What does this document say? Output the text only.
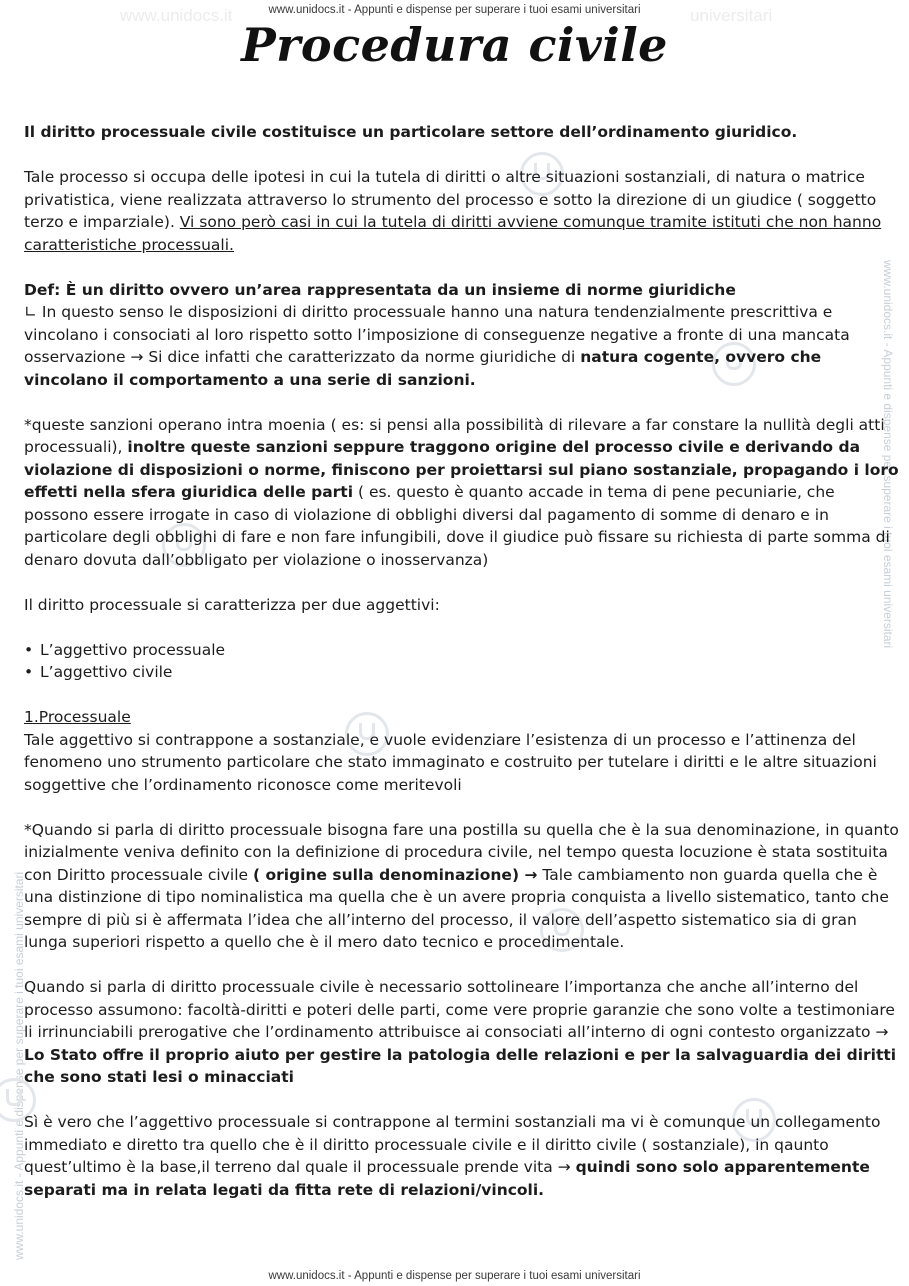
www.unidocs.it	universitari
www.unidocs.it - Appunti e dispense per superare i tuoi esami universitari
www.unidocs.it - Appunti e dispense per superare i tuoi esami universitari
www.unidocs.it - Appunti e dispense per superare i tuoi esami universitari
Procedura civile

Il diritto processuale civile costituisce un particolare settore dell’ordinamento giuridico.

Tale processo si occupa delle ipotesi in cui la tutela di diritti o altre situazioni sostanziali, di natura o matrice privatistica, viene realizzata attraverso lo strumento del processo e sotto la direzione di un giudice ( soggetto terzo e imparziale). Vi sono però casi in cui la tutela di diritti avviene comunque tramite istituti che non hanno caratteristiche processuali.

Def: È un diritto ovvero un’area rappresentata da un insieme di norme giuridiche

∟ In questo senso le disposizioni di diritto processuale hanno una natura tendenzialmente prescrittiva e vincolano i consociati al loro rispetto sotto l’imposizione di conseguenze negative a fronte di una mancata osservazione → Si dice infatti che caratterizzato da norme giuridiche di natura cogente, ovvero che vincolano il comportamento a una serie di sanzioni.

*queste sanzioni operano intra moenia ( es: si pensi alla possibilità di rilevare a far constare la nullità degli atti processuali), inoltre queste sanzioni seppure traggono origine del processo civile e derivando da violazione di disposizioni o norme, finiscono per proiettarsi sul piano sostanziale, propagando i loro effetti nella sfera giuridica delle parti ( es. questo è quanto accade in tema di pene pecuniarie, che possono essere irrogate in caso di violazione di obblighi diversi dal pagamento di somme di denaro e in particolare degli obblighi di fare e non fare infungibili, dove il giudice può fissare su richiesta di parte somma di denaro dovuta dall’obbligato per violazione o inosservanza)

Il diritto processuale si caratterizza per due aggettivi:

• L’aggettivo processuale
• L’aggettivo civile

1.Processuale

Tale aggettivo si contrappone a sostanziale, e vuole evidenziare l’esistenza di un processo e l’attinenza del fenomeno uno strumento particolare che stato immaginato e costruito per tutelare i diritti e le altre situazioni soggettive che l’ordinamento riconosce come meritevoli

*Quando si parla di diritto processuale bisogna fare una postilla su quella che è la sua denominazione, in quanto inizialmente veniva definito con la definizione di procedura civile, nel tempo questa locuzione è stata sostituita con Diritto processuale civile ( origine sulla denominazione) → Tale cambiamento non guarda quella che è una distinzione di tipo nominalistica ma quella che è un avere propria conquista a livello sistematico, tanto che sempre di più si è affermata l’idea che all’interno del processo, il valore dell’aspetto sistematico sia di gran lunga superiori rispetto a quello che è il mero dato tecnico e procedimentale.

Quando si parla di diritto processuale civile è necessario sottolineare l’importanza che anche all’interno del processo assumono: facoltà-diritti e poteri delle parti, come vere proprie garanzie che sono volte a testimoniare li irrinunciabili prerogative che l’ordinamento attribuisce ai consociati all’interno di ogni contesto organizzato → Lo Stato offre il proprio aiuto per gestire la patologia delle relazioni e per la salvaguardia dei diritti che sono stati lesi o minacciati

Sì è vero che l’aggettivo processuale si contrappone al termini sostanziali ma vi è comunque un collegamento immediato e diretto tra quello che è il diritto processuale civile e il diritto civile ( sostanziale), in qaunto quest’ultimo è la base,il terreno dal quale il processuale prende vita → quindi sono solo apparentemente separati ma in relata legati da fitta rete di relazioni/vincoli.

www.unidocs.it - Appunti e dispense per superare i tuoi esami universitari
